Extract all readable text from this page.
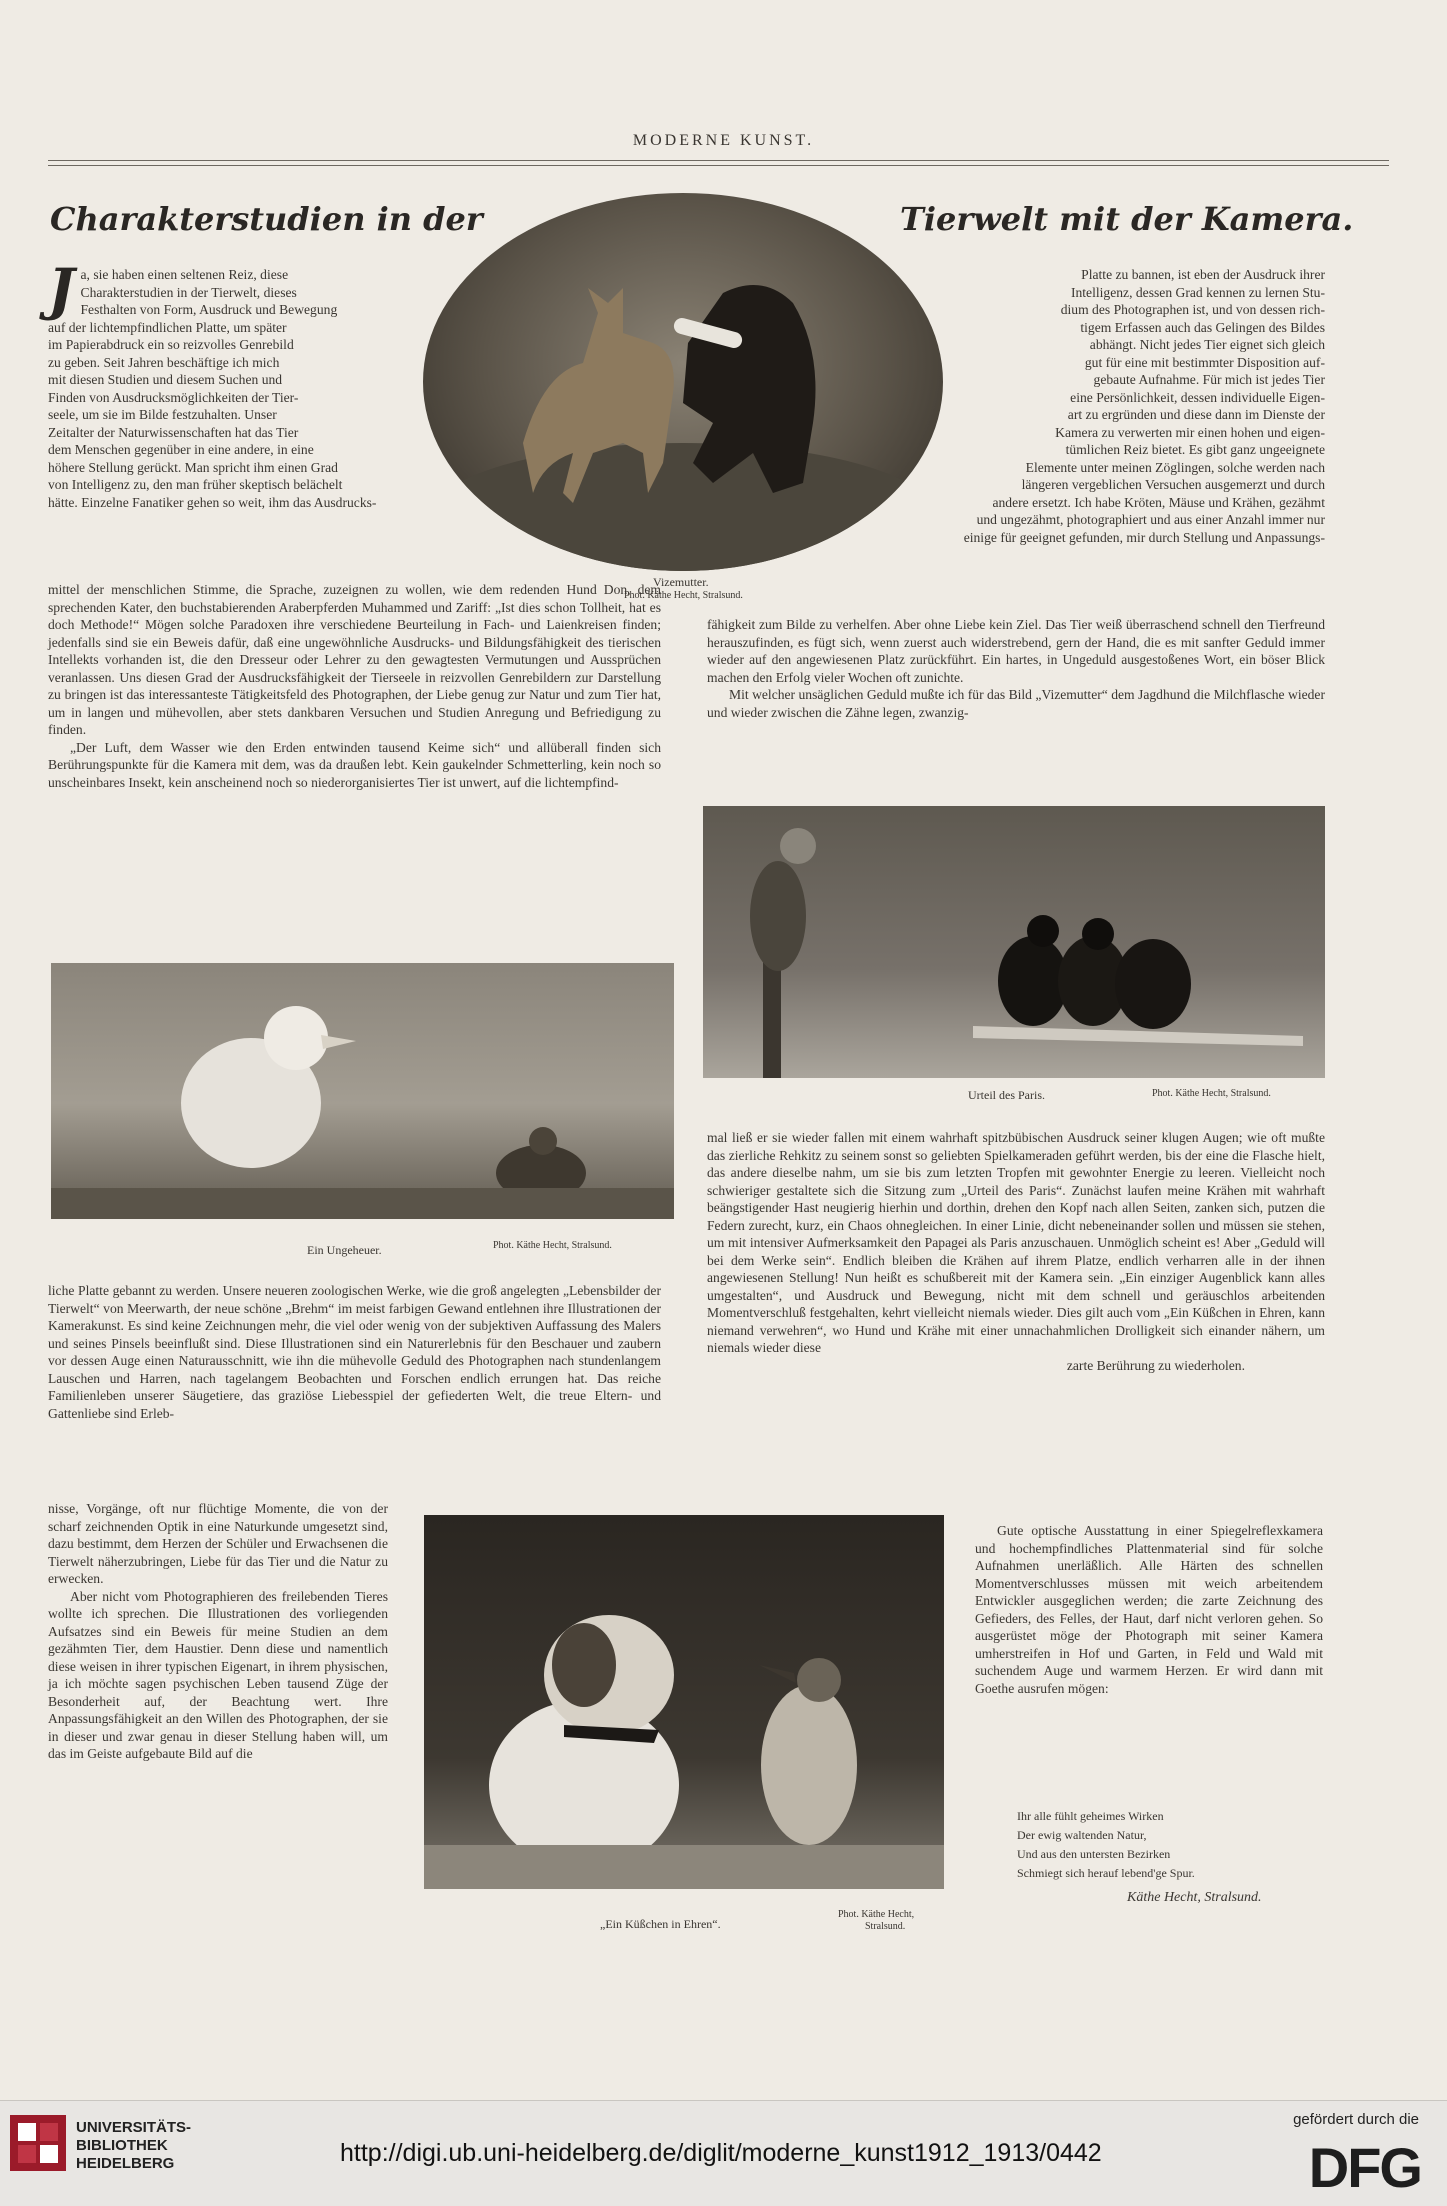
MODERNE KUNST.
Charakterstudien in der	Tierwelt mit der Kamera.
Vizemutter.
Phot. Käthe Hecht, Stralsund.
J a, sie haben einen seltenen Reiz, diese
Charakterstudien in der Tierwelt, dieses
Festhalten von Form, Ausdruck und Bewegung
auf der lichtempfindlichen Platte, um später
im Papierabdruck ein so reizvolles Genrebild
zu geben. Seit Jahren beschäftige ich mich
mit diesen Studien und diesem Suchen und
Finden von Ausdrucksmöglichkeiten der Tier-
seele, um sie im Bilde festzuhalten. Unser
Zeitalter der Naturwissenschaften hat das Tier
dem Menschen gegenüber in eine andere, in eine
höhere Stellung gerückt. Man spricht ihm einen Grad
von Intelligenz zu, den man früher skeptisch belächelt
hätte. Einzelne Fanatiker gehen so weit, ihm das Ausdrucks-
Platte zu bannen, ist eben der Ausdruck ihrer
Intelligenz, dessen Grad kennen zu lernen Stu-
dium des Photographen ist, und von dessen rich-
tigem Erfassen auch das Gelingen des Bildes
abhängt. Nicht jedes Tier eignet sich gleich
gut für eine mit bestimmter Disposition auf-
gebaute Aufnahme. Für mich ist jedes Tier
eine Persönlichkeit, dessen individuelle Eigen-
art zu ergründen und diese dann im Dienste der
Kamera zu verwerten mir einen hohen und eigen-
tümlichen Reiz bietet. Es gibt ganz ungeeignete
Elemente unter meinen Zöglingen, solche werden nach
längeren vergeblichen Versuchen ausgemerzt und durch
andere ersetzt. Ich habe Kröten, Mäuse und Krähen, gezähmt
und ungezähmt, photographiert und aus einer Anzahl immer nur
einige für geeignet gefunden, mir durch Stellung und Anpassungs-

mittel der menschlichen Stimme, die Sprache, zuzeignen zu wollen, wie dem redenden Hund Don, dem sprechenden Kater, den buchstabierenden Araberpferden Muhammed und Zariff: „Ist dies schon Tollheit, hat es doch Methode!“ Mögen solche Paradoxen ihre verschiedene Beurteilung in Fach- und Laienkreisen finden; jedenfalls sind sie ein Beweis dafür, daß eine ungewöhnliche Ausdrucks- und Bildungsfähigkeit des tierischen Intellekts vorhanden ist, die den Dresseur oder Lehrer zu den gewagtesten Vermutungen und Aussprüchen veranlassen. Uns diesen Grad der Ausdrucksfähigkeit der Tierseele in reizvollen Genrebildern zur Darstellung zu bringen ist das interessanteste Tätigkeitsfeld des Photographen, der Liebe genug zur Natur und zum Tier hat, um in langen und mühevollen, aber stets dankbaren Versuchen und Studien Anregung und Befriedigung zu finden.

„Der Luft, dem Wasser wie den Erden entwinden tausend Keime sich“ und allüberall finden sich Berührungspunkte für die Kamera mit dem, was da draußen lebt. Kein gaukelnder Schmetterling, kein noch so unscheinbares Insekt, kein anscheinend noch so niederorganisiertes Tier ist unwert, auf die lichtempfind-

fähigkeit zum Bilde zu verhelfen. Aber ohne Liebe kein Ziel. Das Tier weiß überraschend schnell den Tierfreund herauszufinden, es fügt sich, wenn zuerst auch widerstrebend, gern der Hand, die es mit sanfter Geduld immer wieder auf den angewiesenen Platz zurückführt. Ein hartes, in Ungeduld ausgestoßenes Wort, ein böser Blick machen den Erfolg vieler Wochen oft zunichte.

Mit welcher unsäglichen Geduld mußte ich für das Bild „Vizemutter“ dem Jagdhund die Milchflasche wieder und wieder zwischen die Zähne legen, zwanzig-

Urteil des Paris.	Phot. Käthe Hecht, Stralsund.
Ein Ungeheuer.	Phot. Käthe Hecht, Stralsund.

mal ließ er sie wieder fallen mit einem wahrhaft spitzbübischen Ausdruck seiner klugen Augen; wie oft mußte das zierliche Rehkitz zu seinem sonst so geliebten Spielkameraden geführt werden, bis der eine die Flasche hielt, das andere dieselbe nahm, um sie bis zum letzten Tropfen mit gewohnter Energie zu leeren. Vielleicht noch schwieriger gestaltete sich die Sitzung zum „Urteil des Paris“. Zunächst laufen meine Krähen mit wahrhaft beängstigender Hast neugierig hierhin und dorthin, drehen den Kopf nach allen Seiten, zanken sich, putzen die Federn zurecht, kurz, ein Chaos ohnegleichen. In einer Linie, dicht nebeneinander sollen und müssen sie stehen, um mit intensiver Aufmerksamkeit den Papagei als Paris anzuschauen. Unmöglich scheint es! Aber „Geduld will bei dem Werke sein“. Endlich bleiben die Krähen auf ihrem Platze, endlich verharren alle in der ihnen angewiesenen Stellung! Nun heißt es schußbereit mit der Kamera sein. „Ein einziger Augenblick kann alles umgestalten“, und Ausdruck und Bewegung, nicht mit dem schnell und geräuschlos arbeitenden Momentverschluß festgehalten, kehrt vielleicht niemals wieder. Dies gilt auch vom „Ein Küßchen in Ehren, kann niemand verwehren“, wo Hund und Krähe mit einer unnachahmlichen Drolligkeit sich einander nähern, um niemals wieder diese

zarte Berührung zu wiederholen.

liche Platte gebannt zu werden. Unsere neueren zoologischen Werke, wie die groß angelegten „Lebensbilder der Tierwelt“ von Meerwarth, der neue schöne „Brehm“ im meist farbigen Gewand entlehnen ihre Illustrationen der Kamerakunst. Es sind keine Zeichnungen mehr, die viel oder wenig von der subjektiven Auffassung des Malers und seines Pinsels beeinflußt sind. Diese Illustrationen sind ein Naturerlebnis für den Beschauer und zaubern vor dessen Auge einen Naturausschnitt, wie ihn die mühevolle Geduld des Photographen nach stundenlangem Lauschen und Harren, nach tagelangem Beobachten und Forschen endlich errungen hat. Das reiche Familienleben unserer Säugetiere, das graziöse Liebesspiel der gefiederten Welt, die treue Eltern- und Gattenliebe sind Erleb-

nisse, Vorgänge, oft nur flüchtige Momente, die von der scharf zeichnenden Optik in eine Naturkunde umgesetzt sind, dazu bestimmt, dem Herzen der Schüler und Erwachsenen die Tierwelt näherzubringen, Liebe für das Tier und die Natur zu erwecken.

Aber nicht vom Photographieren des freilebenden Tieres wollte ich sprechen. Die Illustrationen des vorliegenden Aufsatzes sind ein Beweis für meine Studien an dem gezähmten Tier, dem Haustier. Denn diese und namentlich diese weisen in ihrer typischen Eigenart, in ihrem physischen, ja ich möchte sagen psychischen Leben tausend Züge der Besonderheit auf, der Beachtung wert. Ihre Anpassungsfähigkeit an den Willen des Photographen, der sie in dieser und zwar genau in dieser Stellung haben will, um das im Geiste aufgebaute Bild auf die

„Ein Küßchen in Ehren“.
Phot. Käthe Hecht,
Stralsund.

Gute optische Ausstattung in einer Spiegelreflexkamera und hochempfindliches Plattenmaterial sind für solche Aufnahmen unerläßlich. Alle Härten des schnellen Momentverschlusses müssen mit weich arbeitendem Entwickler ausgeglichen werden; die zarte Zeichnung des Gefieders, des Felles, der Haut, darf nicht verloren gehen. So ausgerüstet möge der Photograph mit seiner Kamera umherstreifen in Hof und Garten, in Feld und Wald mit suchendem Auge und warmem Herzen. Er wird dann mit Goethe ausrufen mögen:

Ihr alle fühlt geheimes Wirken
Der ewig waltenden Natur,
Und aus den untersten Bezirken
Schmiegt sich herauf lebend'ge Spur.
Käthe Hecht, Stralsund.
UNIVERSITÄTS-
BIBLIOTHEK
HEIDELBERG	http://digi.ub.uni-heidelberg.de/diglit/moderne_kunst1912_1913/0442
gefördert durch die
DFG
